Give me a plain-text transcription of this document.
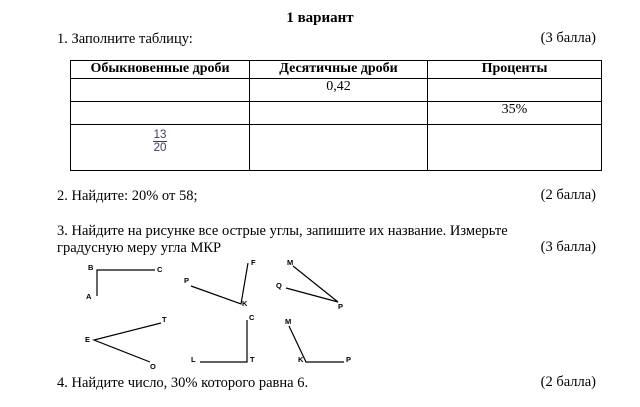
1 вариант
1. Заполните таблицу:	(3 балла)
Обыкновенные дроби	Десятичные дроби	Проценты
	0,42	
		35%

$\frac{13}{20}$

2. Найдите: 20% от 58;	(2 балла)
3. Найдите на рисунке все острые углы, запишите их название. Измерьте
градусную меру угла МКР	(3 балла)
B	C
A
F
P
K
M
Q
P
T
E
O
C
L	T
M
K	P
4. Найдите число, 30% которого равна 6.	(2 балла)
